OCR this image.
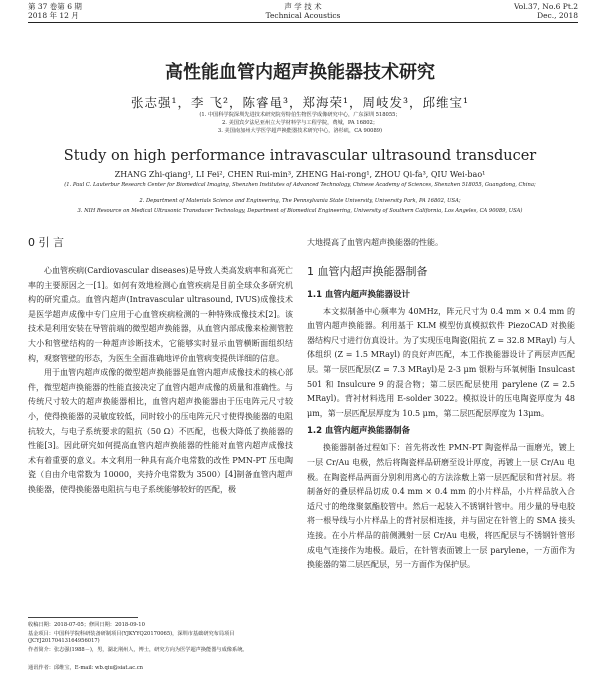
第 37 卷第 6 期
2018 年 12 月
声 学 技 术
Technical Acoustics
Vol.37, No.6 Pt.2
Dec., 2018
高性能血管内超声换能器技术研究
张志强¹，李 飞²，陈睿黾³，郑海荣¹，周岐发³，邱维宝¹
(1. 中国科学院深圳先进技术研究院劳特伯生物医学成像研究中心，广东深圳 518055；
2. 美国宾夕法尼亚州立大学材料学与工程学院，费城，PA 16802；
3. 美国南加州大学医学超声换能器技术研究中心，洛杉矶，CA 90089)
Study on high performance intravascular ultrasound transducer
ZHANG Zhi-qiang¹, LI Fei², CHEN Rui-min³, ZHENG Hai-rong¹, ZHOU Qi-fa³, QIU Wei-bao¹
(1. Paul C. Lauterbur Research Center for Biomedical Imaging, Shenzhen Institutes of Advanced Technology, Chinese Academy of Sciences, Shenzhen 518055, Guangdong, China;
2. Department of Materials Science and Engineering, The Pennsylvania State University, University Park, PA 16802, USA;
3. NIH Resource on Medical Ultrasonic Transducer Technology, Department of Biomedical Engineering, University of Southern California, Los Angeles, CA 90089, USA)
0 引 言

心血管疾病(Cardiovascular diseases)是导致人类高发病率和高死亡率的主要原因之一[1]。如何有效地检测心血管疾病是目前全球众多研究机构的研究重点。血管内超声(Intravascular ultrasound, IVUS)成像技术是医学超声成像中专门应用于心血管疾病检测的一种特殊成像技术[2]。该技术是利用安装在导管前端的微型超声换能器，从血管内部成像来检测管腔大小和管壁结构的一种超声诊断技术，它能够实时显示血管横断面组织结构，观察管壁的形态，为医生全面准确地评价血管病变提供详细的信息。

用于血管内超声成像的微型超声换能器是血管内超声成像技术的核心部件，微型超声换能器的性能直接决定了血管内超声成像的质量和准确性。与传统尺寸较大的超声换能器相比，血管内超声换能器由于压电阵元尺寸较小，使得换能器的灵敏度较低，同时较小的压电阵元尺寸使得换能器的电阻抗较大，与电子系统要求的阻抗（50 Ω）不匹配，也极大降低了换能器的性能[3]。因此研究如何提高血管内超声换能器的性能对血管内超声成像技术有着重要的意义。本文利用一种具有高介电常数的改性 PMN-PT 压电陶瓷（自由介电常数为 10000，夹持介电常数为 3500）[4]制备血管内超声换能器，使得换能器电阻抗与电子系统能够较好的匹配，极

收稿日期：2018-07-05；修回日期：2018-09-10
基金项目：中国科学院科研装备研制项目(YJKYYQ20170065)，深圳市基础研究布局项目(JCYJ20170413164956017)
作者简介：张志强(1988－)，男，湖北荆州人，博士，研究方向为医学超声换能器与成像系统。
通讯作者：邱维宝，E-mail: wb.qiu@siat.ac.cn
大地提高了血管内超声换能器的性能。
1 血管内超声换能器制备
1.1 血管内超声换能器设计

本文拟制备中心频率为 40MHz，阵元尺寸为 0.4 mm × 0.4 mm 的血管内超声换能器。利用基于 KLM 模型仿真模拟软件 PiezoCAD 对换能器结构尺寸进行仿真设计。为了实现压电陶瓷(阻抗 Z = 32.8 MRayl) 与人体组织 (Z = 1.5 MRayl) 的良好声匹配，本工作换能器设计了两层声匹配层。第一层匹配层(Z = 7.3 MRayl)是 2-3 μm 银粉与环氧树脂 Insulcast 501 和 Insulcure 9 的混合物；第二层匹配层使用 parylene (Z = 2.5 MRayl)。背衬材料选用 E-solder 3022。模拟设计的压电陶瓷厚度为 48 μm，第一层匹配层厚度为 10.5 μm，第二层匹配层厚度为 13μm。

1.2 血管内超声换能器制备

换能器制备过程如下：首先将改性 PMN-PT 陶瓷样品一面磨光，镀上一层 Cr/Au 电极，然后将陶瓷样品研磨至设计厚度，再镀上一层 Cr/Au 电极。在陶瓷样品两面分别利用离心的方法涂敷上第一层匹配层和背衬层。将制备好的叠层样品切成 0.4 mm × 0.4 mm 的小片样品，小片样品放入合适尺寸的绝缘聚氨酯胶管中。然后一起装入不锈钢针管中。用少量的导电胶将一根导线与小片样品上的背衬层相连接，并与固定在针管上的 SMA 接头连接。在小片样品的前侧溅射一层 Cr/Au 电极，将匹配层与不锈钢针管形成电气连接作为地极。最后，在针管表面镀上一层 parylene，一方面作为换能器的第二层匹配层，另一方面作为保护层。
